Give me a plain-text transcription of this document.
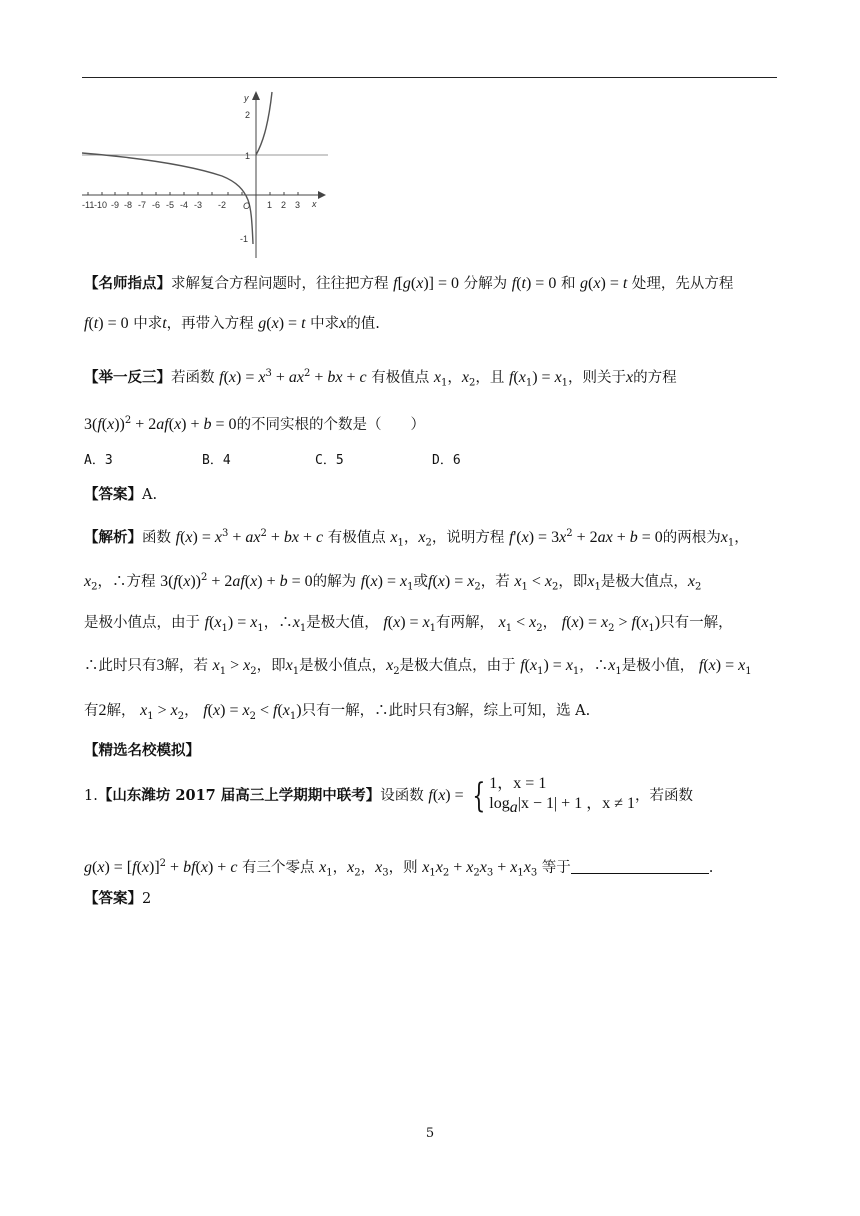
-11 -10 -9 -8 -7 -6 -5 -4 -3 -2	1 2 3
2
1
-1
O	x
y
【名师指点】求解复合方程问题时，往往把方程 f[g(x)] = 0 分解为 f(t) = 0 和 g(x) = t 处理，先从方程
f(t) = 0 中求t，再带入方程 g(x) = t 中求x的值.
【举一反三】若函数 $f(x) = x^3 + ax^2$ + bx + c 有极值点 $x_1$，$x_2$，且 $f(x_1) = x_1$，则关于x的方程
$3(f(x))^2 + 2af(x) + b = 0$的不同实根的个数是（　　）
A．3	B．4	C．5	D．6
【答案】A.
【解析】函数 $f(x) = x^3 + ax^2$ + bx + c 有极值点 $x_1$，$x_2$，说明方程 $f'(x) = 3x^2 + 2ax + b = 0$的两根为$x_1$，
$x_2$，∴方程 $3(f(x))^2 + 2af(x) + b = 0$的解为 $f(x) = x_1$或$f(x) = x_2$，若 $x_1 < x_2$，即$x_1$是极大值点，$x_2$
是极小值点，由于 $f(x_1) = x_1$，$\therefore x_1$是极大值， $f(x) = x_1$有两解， $x_1 < x_2$， $f(x) = x_2 > f(x_1)$只有一解，
∴此时只有3解，若 $x_1 > x_2$，即$x_1$是极小值点，$x_2$是极大值点，由于 $f(x_1) = x_1$，$\therefore x_1$是极小值， $f(x) = x_1$
有2解， $x_1 > x_2$， $f(x) = x_2 < f(x_1)$只有一解，∴此时只有3解，综上可知，选 A.
【精选名校模拟】
1.【山东潍坊 2017 届高三上学期期中联考】设函数 f(x) = { 1，x = 1
$\log_a|x - 1| + 1$ ，x ≠ 1，若函数
$g(x) = [f(x)]^2 + bf(x) + c$ 有三个零点 $x_1$，$x_2$，$x_3$，则 $x_1x_2 + x_2x_3 + x_1x_3$ 等于	.
【答案】2
5
